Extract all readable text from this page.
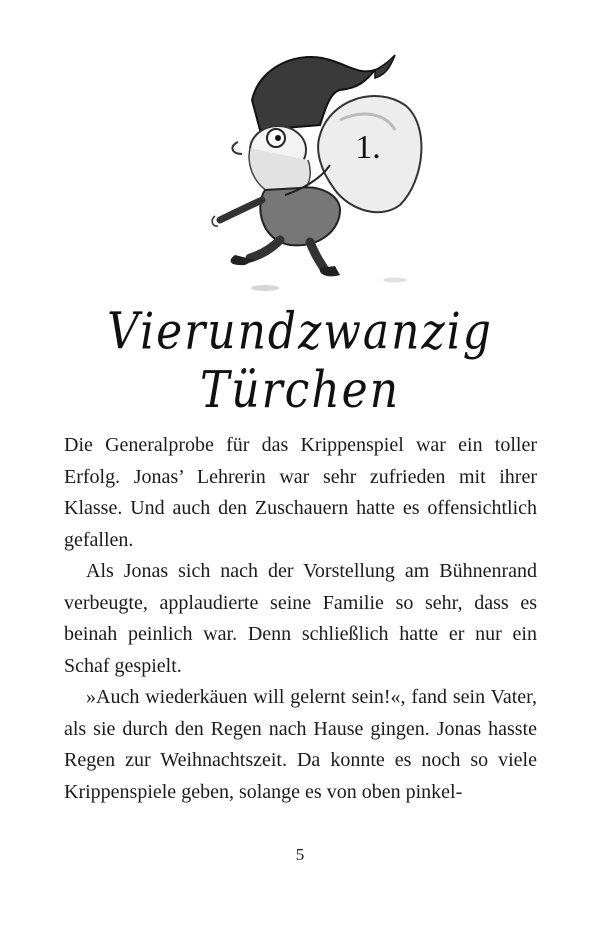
1.
Vierundzwanzig Türchen

Die Generalprobe für das Krippenspiel war ein toller Erfolg. Jonas’ Lehrerin war sehr zufrieden mit ihrer Klasse. Und auch den Zuschauern hatte es offensichtlich gefallen.

Als Jonas sich nach der Vorstellung am Bühnenrand verbeugte, applaudierte seine Familie so sehr, dass es beinah peinlich war. Denn schließlich hatte er nur ein Schaf gespielt.

»Auch wiederkäuen will gelernt sein!«, fand sein Vater, als sie durch den Regen nach Hause gingen. Jonas hasste Regen zur Weihnachtszeit. Da konnte es noch so viele Krippenspiele geben, solange es von oben pinkel-

5
